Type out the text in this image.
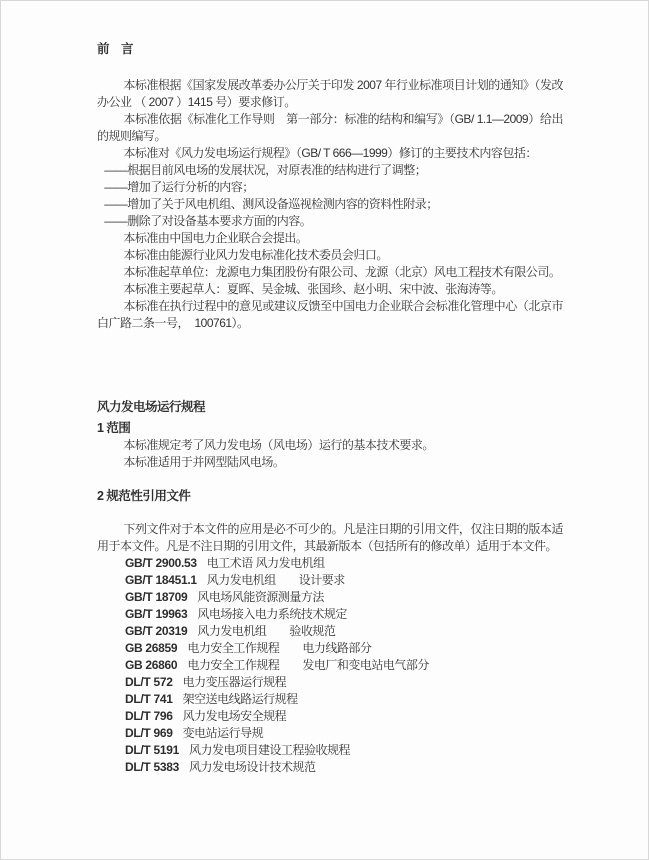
前　言

本标准根据《国家发展改革委办公厅关于印发 2007 年行业标准项目计划的通知》（发改办公业 （ 2007 ）1415 号）要求修订。

本标准依据《标准化工作导则　第一部分：标准的结构和编写》（GB/ 1.1—2009）给出的规则编写。

本标准对《风力发电场运行规程》（GB/ T 666—1999）修订的主要技术内容包括：

——根据目前风电场的发展状况，对原表准的结构进行了调整；

——增加了运行分析的内容；

——增加了关于风电机组、测风设备巡视检测内容的资料性附录；

——删除了对设备基本要求方面的内容。

本标准由中国电力企业联合会提出。

本标准由能源行业风力发电标准化技术委员会归口。

本标准起草单位：龙源电力集团股份有限公司、龙源（北京）风电工程技术有限公司。

本标准主要起草人：夏晖、吴金城、张国珍、赵小明、宋中波、张海涛等。

本标准在执行过程中的意见或建议反馈至中国电力企业联合会标准化管理中心（北京市白广路二条一号，　100761）。

风力发电场运行规程
1 范围

本标准规定考了风力发电场（风电场）运行的基本技术要求。

本标准适用于并网型陆风电场。

2 规范性引用文件

下列文件对于本文件的应用是必不可少的。凡是注日期的引用文件，仅注日期的版本适用于本文件。凡是不注日期的引用文件，其最新版本（包括所有的修改单）适用于本文件。

GB/T 2900.53 电工术语 风力发电机组
GB/T 18451.1 风力发电机组　　设计要求
GB/T 18709 风电场风能资源测量方法
GB/T 19963 风电场接入电力系统技术规定
GB/T 20319 风力发电机组　　验收规范
GB 26859 电力安全工作规程　　电力线路部分
GB 26860 电力安全工作规程　　发电厂和变电站电气部分
DL/T 572 电力变压器运行规程
DL/T 741 架空送电线路运行规程
DL/T 796 风力发电场安全规程
DL/T 969 变电站运行导规
DL/T 5191 风力发电项目建设工程验收规程
DL/T 5383 风力发电场设计技术规范
